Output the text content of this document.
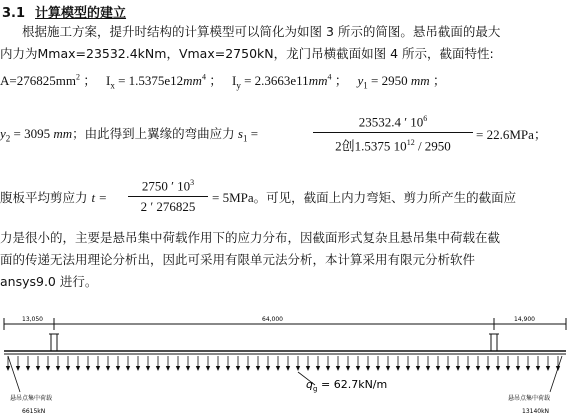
3.1 计算模型的建立
根据施工方案，提升时结构的计算模型可以简化为如图 3 所示的简图。悬吊截面的最大
内力为Mmax=23532.4kNm，Vmax=2750kN，龙门吊横截面如图 4 所示，截面特性:
$A=276825mm^2$ ； $I_x = 1.5375e12mm^4$ ； $I_y = 2.3663e11mm^4$ ； $y_1 = 2950$ mm ；
$y_2 = 3095$ mm；由此得到上翼缘的弯曲应力 $s_1$ =
23532.4 ′ $10^6$
2创1.5375 $10^{12} / 2950$
= 22.6MPa；
腹板平均剪应力 t =
2750 ′ $10^3$
2 ′ 276825
= 5MPa。可见，截面上内力弯矩、剪力所产生的截面应
力是很小的，主要是悬吊集中荷载作用下的应力分布，因截面形式复杂且悬吊集中荷载在截
面的传递无法用理论分析出，因此可采用有限单元法分析，本计算采用有限元分析软件
ansys9.0 进行。
13,050	64,000	14,900
q g = 62.7kN/m
悬吊点集中荷载
6615kN
悬吊点集中荷载
13140kN
